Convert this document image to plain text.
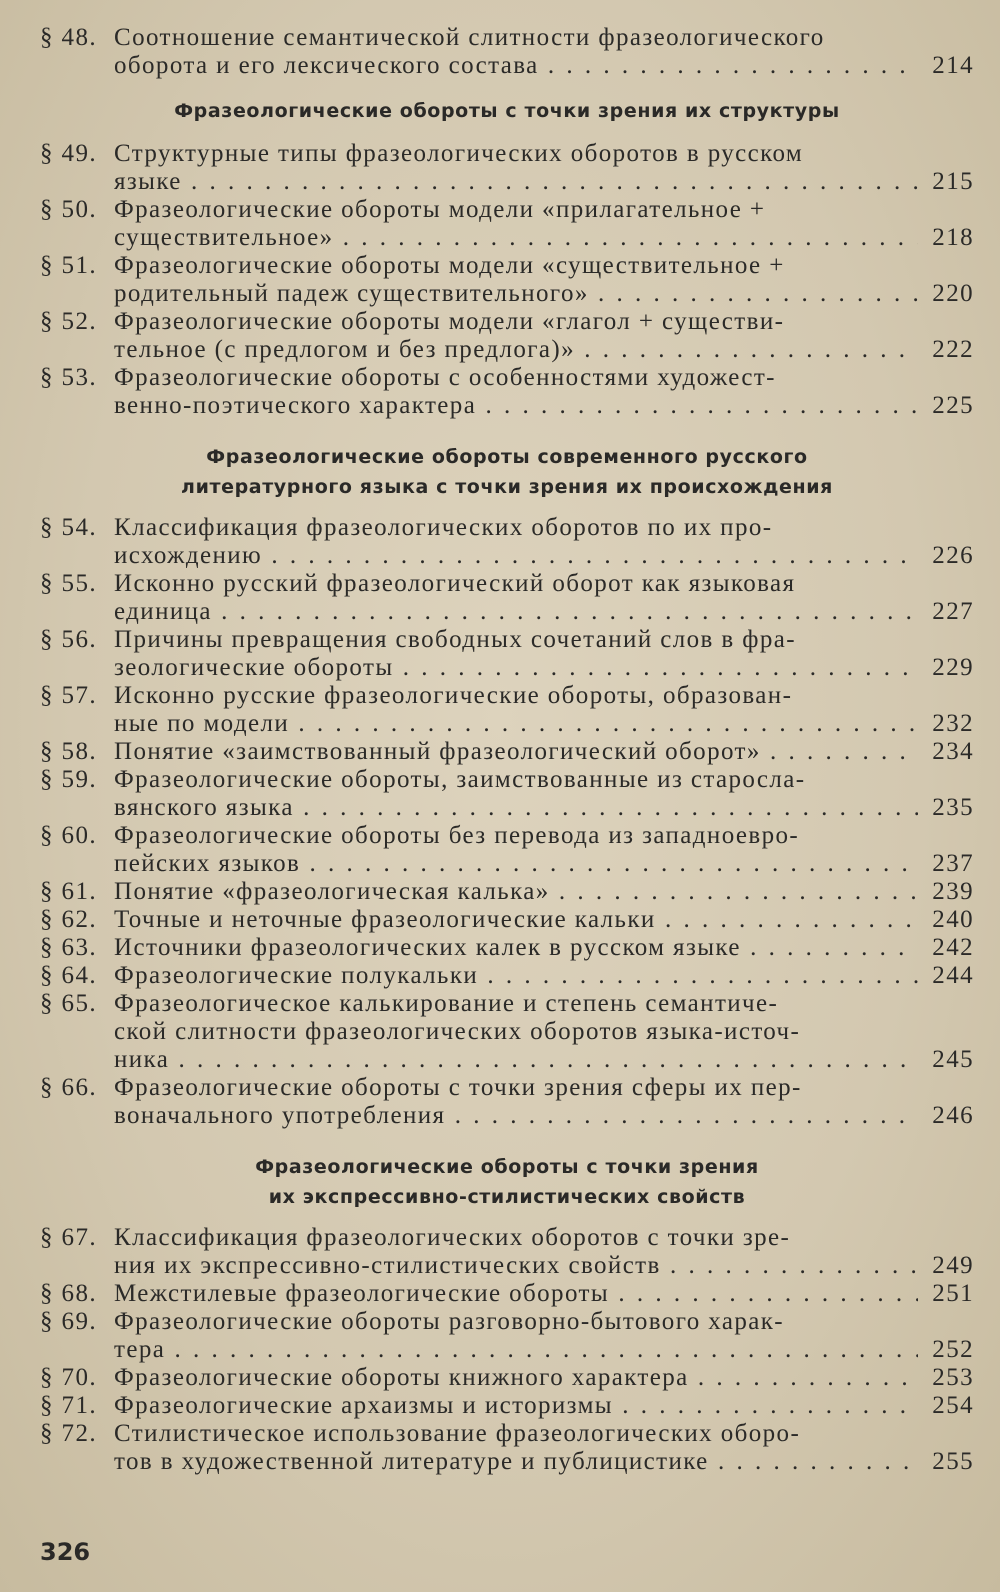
§ 48. Соотношение семантической слитности фразеологического
оборота и его лексического состава . . .	214
Фразеологические обороты с точки зрения их структуры
§ 49. Структурные типы фразеологических оборотов в русском
языке . . .	215
§ 50. Фразеологические обороты модели «прилагательное +
существительное» . . .	218
§ 51. Фразеологические обороты модели «существительное +
родительный падеж существительного» . . .	220
§ 52. Фразеологические обороты модели «глагол + существи-
тельное (с предлогом и без предлога)» . . .	222
§ 53. Фразеологические обороты с особенностями художест-
венно-поэтического характера . . .	225
Фразеологические обороты современного русского
литературного языка с точки зрения их происхождения
§ 54. Классификация фразеологических оборотов по их про-
исхождению . . .	226
§ 55. Исконно русский фразеологический оборот как языковая
единица . . .	227
§ 56. Причины превращения свободных сочетаний слов в фра-
зеологические обороты . . .	229
§ 57. Исконно русские фразеологические обороты, образован-
ные по модели . . .	232
§ 58. Понятие «заимствованный фразеологический оборот» . . .	234
§ 59. Фразеологические обороты, заимствованные из старосла-
вянского языка . . .	235
§ 60. Фразеологические обороты без перевода из западноевро-
пейских языков . . .	237
§ 61. Понятие «фразеологическая калька» . . .	239
§ 62. Точные и неточные фразеологические кальки . . .	240
§ 63. Источники фразеологических калек в русском языке . . .	242
§ 64. Фразеологические полукальки . . .	244
§ 65. Фразеологическое калькирование и степень семантиче-
ской слитности фразеологических оборотов языка-источ-
ника . . .	245
§ 66. Фразеологические обороты с точки зрения сферы их пер-
воначального употребления . . .	246
Фразеологические обороты с точки зрения
их экспрессивно-стилистических свойств
§ 67. Классификация фразеологических оборотов с точки зре-
ния их экспрессивно-стилистических свойств . . .	249
§ 68. Межстилевые фразеологические обороты . . .	251
§ 69. Фразеологические обороты разговорно-бытового харак-
тера . . .	252
§ 70. Фразеологические обороты книжного характера . . .	253
§ 71. Фразеологические архаизмы и историзмы . . .	254
§ 72. Стилистическое использование фразеологических оборо-
тов в художественной литературе и публицистике . . .	255
326
